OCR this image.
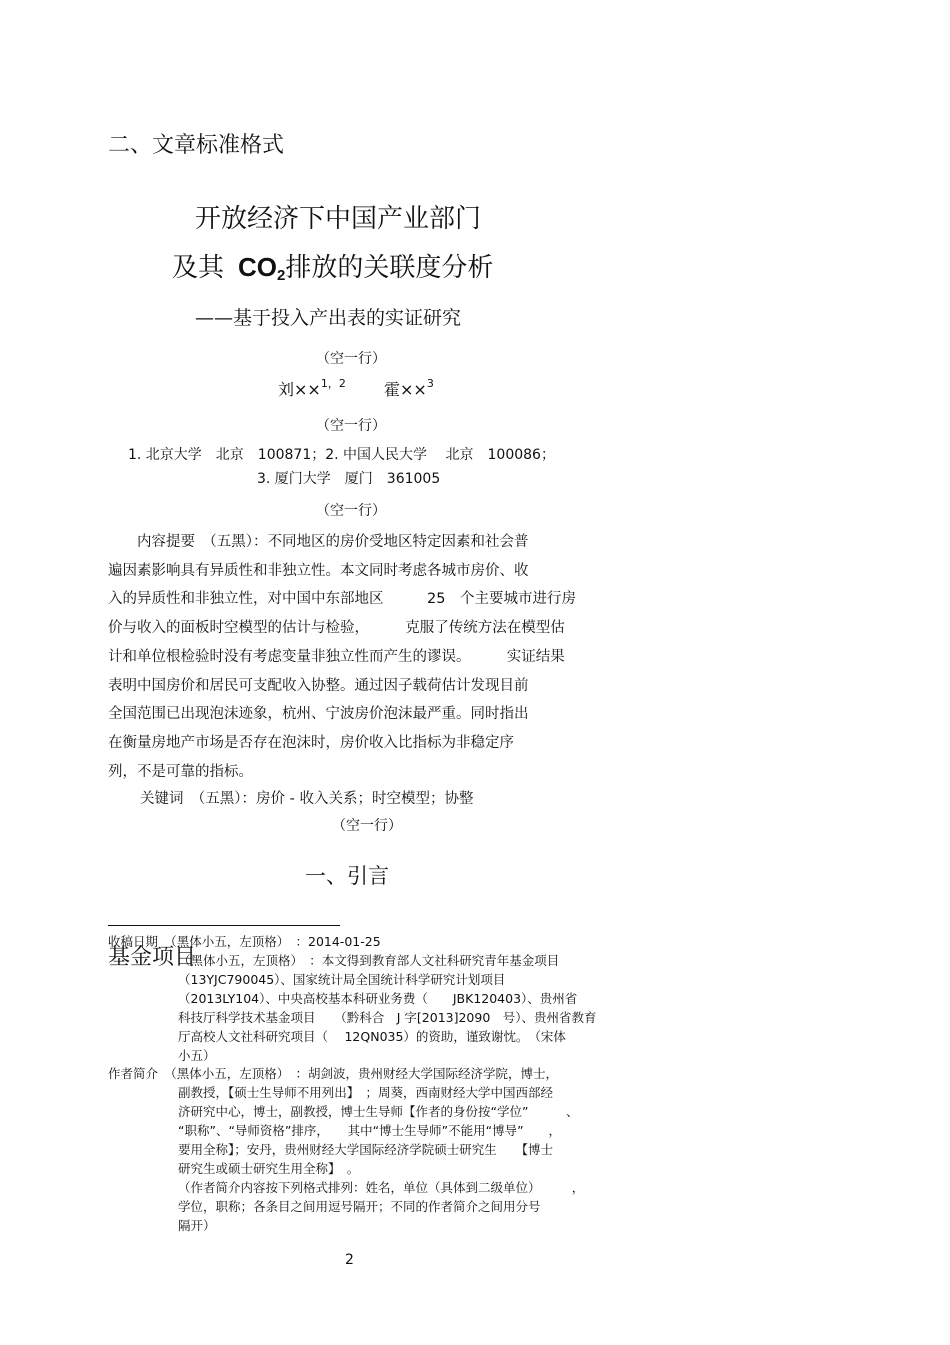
二、文章标准格式
开放经济下中国产业部门
及其 $CO_2$排放的关联度分析
——基于投入产出表的实证研究
（空一行）
刘××$^{1,2}$ 霍××$^3$
（空一行）
1. 北京大学　北京　100871；2. 中国人民大学　 北京　100086；
3. 厦门大学　厦门　361005
（空一行）
　　内容提要　（五黑）：不同地区的房价受地区特定因素和社会普
遍因素影响具有异质性和非独立性。本文同时考虑各城市房价、收
入的异质性和非独立性，对中国中东部地区　　　25　个主要城市进行房
价与收入的面板时空模型的估计与检验，　　　克服了传统方法在模型估
计和单位根检验时没有考虑变量非独立性而产生的谬误。　　　实证结果
表明中国房价和居民可支配收入协整。通过因子载荷估计发现目前
全国范围已出现泡沫迹象，杭州、宁波房价泡沫最严重。同时指出
在衡量房地产市场是否存在泡沫时，房价收入比指标为非稳定序
列，不是可靠的指标。
关键词　（五黑）：房价 - 收入关系；时空模型；协整
（空一行）
一、引言
收稿日期　（黑体小五，左顶格）　：2014-01-25
基金项目
（黑体小五，左顶格）　：本文得到教育部人文社科研究青年基金项目
（13YJC790045）、国家统计局全国统计科学研究计划项目
（2013LY104）、中央高校基本科研业务费（　　JBK120403）、贵州省
科技厅科学技术基金项目　　（黔科合　J 字[2013]2090　号）、贵州省教育
厅高校人文社科研究项目（　 12QN035）的资助，谨致谢忱。　（宋体
小五）
作者简介　（黑体小五，左顶格）　：胡剑波，贵州财经大学国际经济学院，博士，
副教授，【硕士生导师不用列出】　；周葵，西南财经大学中国西部经
济研究中心，博士，副教授，博士生导师【作者的身份按“学位”　　　、
“职称”、“导师资格”排序，　　其中“博士生导师”不能用“博导”　　，
要用全称】；安丹，贵州财经大学国际经济学院硕士研究生　　【博士
研究生或硕士研究生用全称】　。
（作者简介内容按下列格式排列：姓名，单位（具体到二级单位）　　　，
学位，职称；各条目之间用逗号隔开；不同的作者简介之间用分号
隔开）
2
